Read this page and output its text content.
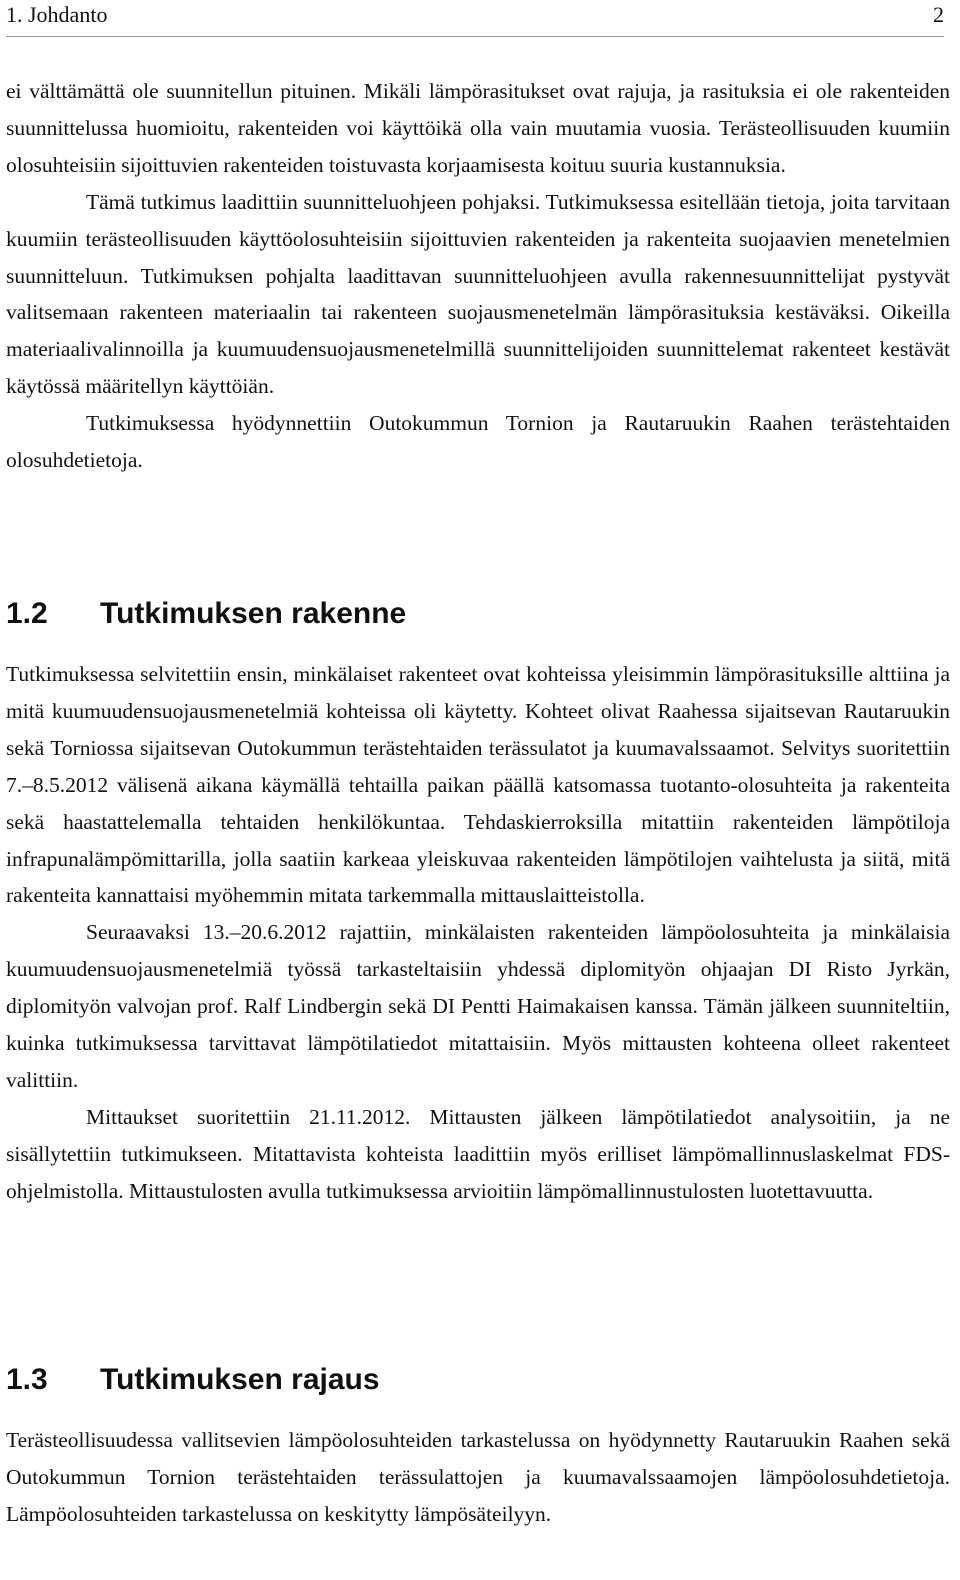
1. Johdanto	2

ei välttämättä ole suunnitellun pituinen. Mikäli lämpörasitukset ovat rajuja, ja rasituksia ei ole rakenteiden suunnittelussa huomioitu, rakenteiden voi käyttöikä olla vain muutamia vuosia. Terästeollisuuden kuumiin olosuhteisiin sijoittuvien rakenteiden toistuvasta korjaamisesta koituu suuria kustannuksia.

Tämä tutkimus laadittiin suunnitteluohjeen pohjaksi. Tutkimuksessa esitellään tietoja, joita tarvitaan kuumiin terästeollisuuden käyttöolosuhteisiin sijoittuvien rakenteiden ja rakenteita suojaavien menetelmien suunnitteluun. Tutkimuksen pohjalta laadittavan suunnitteluohjeen avulla rakennesuunnittelijat pystyvät valitsemaan rakenteen materiaalin tai rakenteen suojausmenetelmän lämpörasituksia kestäväksi. Oikeilla materiaalivalinnoilla ja kuumuudensuojausmenetelmillä suunnittelijoiden suunnittelemat rakenteet kestävät käytössä määritellyn käyttöiän.

Tutkimuksessa hyödynnettiin Outokummun Tornion ja Rautaruukin Raahen terästehtaiden olosuhdetietoja.

1.2 Tutkimuksen rakenne

Tutkimuksessa selvitettiin ensin, minkälaiset rakenteet ovat kohteissa yleisimmin lämpörasituksille alttiina ja mitä kuumuudensuojausmenetelmiä kohteissa oli käytetty. Kohteet olivat Raahessa sijaitsevan Rautaruukin sekä Torniossa sijaitsevan Outokummun terästehtaiden terässulatot ja kuumavalssaamot. Selvitys suoritettiin 7.–8.5.2012 välisenä aikana käymällä tehtailla paikan päällä katsomassa tuotanto-olosuhteita ja rakenteita sekä haastattelemalla tehtaiden henkilökuntaa. Tehdaskierroksilla mitattiin rakenteiden lämpötiloja infrapunalämpömittarilla, jolla saatiin karkeaa yleiskuvaa rakenteiden lämpötilojen vaihtelusta ja siitä, mitä rakenteita kannattaisi myöhemmin mitata tarkemmalla mittauslaitteistolla.

Seuraavaksi 13.–20.6.2012 rajattiin, minkälaisten rakenteiden lämpöolosuhteita ja minkälaisia kuumuudensuojausmenetelmiä työssä tarkasteltaisiin yhdessä diplomityön ohjaajan DI Risto Jyrkän, diplomityön valvojan prof. Ralf Lindbergin sekä DI Pentti Haimakaisen kanssa. Tämän jälkeen suunniteltiin, kuinka tutkimuksessa tarvittavat lämpötilatiedot mitattaisiin. Myös mittausten kohteena olleet rakenteet valittiin.

Mittaukset suoritettiin 21.11.2012. Mittausten jälkeen lämpötilatiedot analysoitiin, ja ne sisällytettiin tutkimukseen. Mitattavista kohteista laadittiin myös erilliset lämpömallinnuslaskelmat FDS-ohjelmistolla. Mittaustulosten avulla tutkimuksessa arvioitiin lämpömallinnustulosten luotettavuutta.

1.3 Tutkimuksen rajaus

Terästeollisuudessa vallitsevien lämpöolosuhteiden tarkastelussa on hyödynnetty Rautaruukin Raahen sekä Outokummun Tornion terästehtaiden terässulattojen ja kuumavalssaamojen lämpöolosuhdetietoja. Lämpöolosuhteiden tarkastelussa on keskitytty lämpösäteilyyn.
